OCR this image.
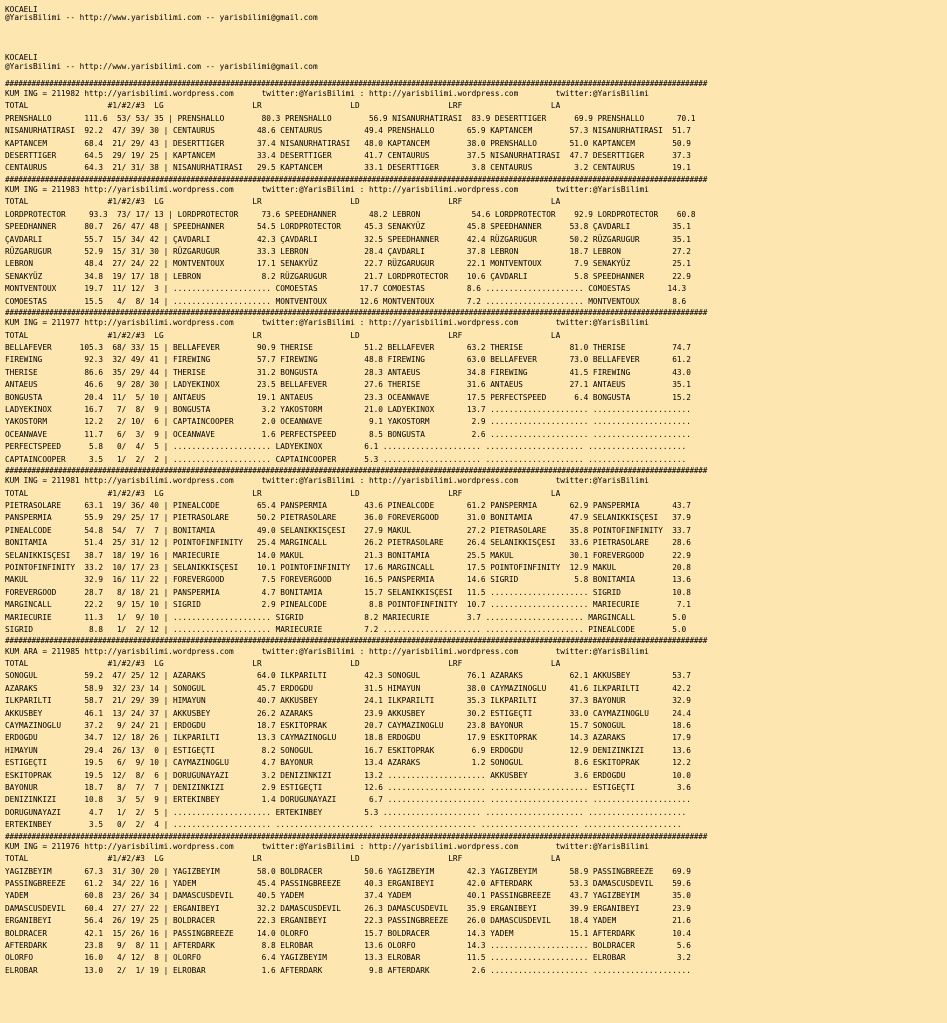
KOCAELI
@YarisBilimi -- http://www.yarisbilimi.com -- yarisbilimi@gmail.com
KOCAELI
@YarisBilimi -- http://www.yarisbilimi.com -- yarisbilimi@gmail.com
###############################################################################################################################################################
KUM ING = 211982 http://yarisbilimi.wordpress.com      twitter:@YarisBilimi : http://yarisbilimi.wordpress.com        twitter:@YarisBilimi
TOTAL                 #1/#2/#3  LG                   LR                   LD                   LRF                   LA
PRENSHALLO       111.6  53/ 53/ 35 | PRENSHALLO        80.3 PRENSHALLO        56.9 NISANURHATIRASI  83.9 DESERTTIGER      69.9 PRENSHALLO       70.1
NISANURHATIRASI  92.2  47/ 39/ 30 | CENTAURUS         48.6 CENTAURUS         49.4 PRENSHALLO       65.9 KAPTANCEM        57.3 NISANURHATIRASI  51.7
KAPTANCEM        68.4  21/ 29/ 43 | DESERTTIGER       37.4 NISANURHATIRASI   48.0 KAPTANCEM        38.0 PRENSHALLO       51.0 KAPTANCEM        50.9
DESERTTIGER      64.5  29/ 19/ 25 | KAPTANCEM         33.4 DESERTTIGER       41.7 CENTAURUS        37.5 NISANURHATIRASI  47.7 DESERTTIGER      37.3
CENTAURUS        64.3  21/ 31/ 38 | NISANURHATIRASI   29.5 KAPTANCEM         33.1 DESERTTIGER       3.8 CENTAURUS         3.2 CENTAURUS        19.1
###############################################################################################################################################################
KUM ING = 211983 http://yarisbilimi.wordpress.com      twitter:@YarisBilimi : http://yarisbilimi.wordpress.com        twitter:@YarisBilimi
TOTAL                 #1/#2/#3  LG                   LR                   LD                   LRF                   LA
LORDPROTECTOR     93.3  73/ 17/ 13 | LORDPROTECTOR     73.6 SPEEDHANNER       48.2 LEBRON           54.6 LORDPROTECTOR    92.9 LORDPROTECTOR    60.8
SPEEDHANNER      80.7  26/ 47/ 48 | SPEEDHANNER       54.5 LORDPROTECTOR     45.3 SENAKYÜZ         45.8 SPEEDHANNER      53.8 ÇAVDARLI         35.1
ÇAVDARLI         55.7  15/ 34/ 42 | ÇAVDARLI          42.3 ÇAVDARLI          32.5 SPEEDHANNER      42.4 RÜZGARUGUR       50.2 RÜZGARUGUR       35.1
RÜZGARUGUR       52.9  15/ 31/ 30 | RÜZGARUGUR        33.3 LEBRON            28.4 ÇAVDARLI         37.8 LEBRON           18.7 LEBRON           27.2
LEBRON           48.4  27/ 24/ 22 | MONTVENTOUX       17.1 SENAKYÜZ          22.7 RÜZGARUGUR       22.1 MONTVENTOUX       7.9 SENAKYÜZ         25.1
SENAKYÜZ         34.8  19/ 17/ 18 | LEBRON             8.2 RÜZGARUGUR        21.7 LORDPROTECTOR    10.6 ÇAVDARLI          5.8 SPEEDHANNER      22.9
MONTVENTOUX      19.7  11/ 12/  3 | ..................... COMOESTAS         17.7 COMOESTAS         8.6 ..................... COMOESTAS        14.3
COMOESTAS        15.5   4/  8/ 14 | ..................... MONTVENTOUX       12.6 MONTVENTOUX       7.2 ..................... MONTVENTOUX       8.6
###############################################################################################################################################################
KUM ING = 211977 http://yarisbilimi.wordpress.com      twitter:@YarisBilimi : http://yarisbilimi.wordpress.com        twitter:@YarisBilimi
TOTAL                 #1/#2/#3  LG                   LR                   LD                   LRF                   LA
BELLAFEVER      105.3  68/ 33/ 15 | BELLAFEVER        90.9 THERISE           51.2 BELLAFEVER       63.2 THERISE          81.0 THERISE          74.7
FIREWING         92.3  32/ 49/ 41 | FIREWING          57.7 FIREWING          48.8 FIREWING         63.0 BELLAFEVER       73.0 BELLAFEVER       61.2
THERISE          86.6  35/ 29/ 44 | THERISE           31.2 BONGUSTA          28.3 ANTAEUS          34.8 FIREWING         41.5 FIREWING         43.0
ANTAEUS          46.6   9/ 28/ 30 | LADYEKINOX        23.5 BELLAFEVER        27.6 THERISE          31.6 ANTAEUS          27.1 ANTAEUS          35.1
BONGUSTA         20.4  11/  5/ 10 | ANTAEUS           19.1 ANTAEUS           23.3 OCEANWAVE        17.5 PERFECTSPEED      6.4 BONGUSTA         15.2
LADYEKINOX       16.7   7/  8/  9 | BONGUSTA           3.2 YAKOSTORM         21.0 LADYEKINOX       13.7 ..................... .....................
YAKOSTORM        12.2   2/ 10/  6 | CAPTAINCOOPER      2.0 OCEANWAVE          9.1 YAKOSTORM         2.9 ..................... .....................
OCEANWAVE        11.7   6/  3/  9 | OCEANWAVE          1.6 PERFECTSPEED       8.5 BONGUSTA          2.6 ..................... .....................
PERFECTSPEED      5.8   0/  4/  5 | ..................... LADYEKINOX         6.1 ..................... ..................... .....................
CAPTAINCOOPER     3.5   1/  2/  2 | ..................... CAPTAINCOOPER      5.3 ..................... ..................... .....................
###############################################################################################################################################################
KUM ING = 211981 http://yarisbilimi.wordpress.com      twitter:@YarisBilimi : http://yarisbilimi.wordpress.com        twitter:@YarisBilimi
TOTAL                 #1/#2/#3  LG                   LR                   LD                   LRF                   LA
PIETRASOLARE     63.1  19/ 36/ 40 | PINEALCODE        65.4 PANSPERMIA        43.6 PINEALCODE       61.2 PANSPERMIA       62.9 PANSPERMIA       43.7
PANSPERMIA       55.9  29/ 25/ 17 | PIETRASOLARE      50.2 PIETRASOLARE      36.0 FOREVERGOOD      31.0 BONITAMIA        47.9 SELANIKKISÇESI   37.9
PINEALCODE       54.8  54/  7/  7 | BONITAMIA         49.0 SELANIKKISÇESI    27.9 MAKUL            27.2 PIETRASOLARE     35.8 POINTOFINFINITY  33.7
BONITAMIA        51.4  25/ 31/ 12 | POINTOFINFINITY   25.4 MARGINCALL        26.2 PIETRASOLARE     26.4 SELANIKKISÇESI   33.6 PIETRASOLARE     28.6
SELANIKKISÇESI   38.7  18/ 19/ 16 | MARIECURIE        14.0 MAKUL             21.3 BONITAMIA        25.5 MAKUL            30.1 FOREVERGOOD      22.9
POINTOFINFINITY  33.2  10/ 17/ 23 | SELANIKKISÇESI    10.1 POINTOFINFINITY   17.6 MARGINCALL       17.5 POINTOFINFINITY  12.9 MAKUL            20.8
MAKUL            32.9  16/ 11/ 22 | FOREVERGOOD        7.5 FOREVERGOOD       16.5 PANSPERMIA       14.6 SIGRID            5.8 BONITAMIA        13.6
FOREVERGOOD      28.7   8/ 18/ 21 | PANSPERMIA         4.7 BONITAMIA         15.7 SELANIKKISÇESI   11.5 ..................... SIGRID           10.8
MARGINCALL       22.2   9/ 15/ 10 | SIGRID             2.9 PINEALCODE         8.8 POINTOFINFINITY  10.7 ..................... MARIECURIE        7.1
MARIECURIE       11.3   1/  9/ 10 | ..................... SIGRID             8.2 MARIECURIE        3.7 ..................... MARGINCALL        5.0
SIGRID            8.8   1/  2/ 12 | ..................... MARIECURIE         7.2 ..................... ..................... PINEALCODE        5.0
###############################################################################################################################################################
KUM ARA = 211985 http://yarisbilimi.wordpress.com      twitter:@YarisBilimi : http://yarisbilimi.wordpress.com        twitter:@YarisBilimi
TOTAL                 #1/#2/#3  LG                   LR                   LD                   LRF                   LA
SONOGUL          59.2  47/ 25/ 12 | AZARAKS           64.0 ILKPARILTI        42.3 SONOGUL          76.1 AZARAKS          62.1 AKKUSBEY         53.7
AZARAKS          58.9  32/ 23/ 14 | SONOGUL           45.7 ERDOGDU           31.5 HIMAYUN          38.0 CAYMAZINOGLU     41.6 ILKPARILTI       42.2
ILKPARILTI       58.7  21/ 29/ 39 | HIMAYUN           40.7 AKKUSBEY          24.1 ILKPARILTI       35.3 ILKPARILTI       37.3 BAYONUR          32.9
AKKUSBEY         46.1  13/ 24/ 37 | AKKUSBEY          26.2 AZARAKS           23.9 AKKUSBEY         30.2 ESTIGEÇTI        33.0 CAYMAZINOGLU     24.4
CAYMAZINOGLU     37.2   9/ 24/ 21 | ERDOGDU           18.7 ESKITOPRAK        20.7 CAYMAZINOGLU     23.8 BAYONUR          15.7 SONOGUL          18.6
ERDOGDU          34.7  12/ 18/ 26 | ILKPARILTI        13.3 CAYMAZINOGLU      18.8 ERDOGDU          17.9 ESKITOPRAK       14.3 AZARAKS          17.9
HIMAYUN          29.4  26/ 13/  0 | ESTIGEÇTI          8.2 SONOGUL           16.7 ESKITOPRAK        6.9 ERDOGDU          12.9 DENIZINKIZI      13.6
ESTIGEÇTI        19.5   6/  9/ 10 | CAYMAZINOGLU       4.7 BAYONUR           13.4 AZARAKS           1.2 SONOGUL           8.6 ESKITOPRAK       12.2
ESKITOPRAK       19.5  12/  8/  6 | DORUGUNAYAZI       3.2 DENIZINKIZI       13.2 ..................... AKKUSBEY          3.6 ERDOGDU          10.0
BAYONUR          18.7   8/  7/  7 | DENIZINKIZI        2.9 ESTIGEÇTI         12.6 ..................... ..................... ESTIGEÇTI         3.6
DENIZINKIZI      10.8   3/  5/  9 | ERTEKINBEY         1.4 DORUGUNAYAZI       6.7 ..................... ..................... .....................
DORUGUNAYAZI      4.7   1/  2/  5 | ..................... ERTEKINBEY         5.3 ..................... ..................... .....................
ERTEKINBEY        3.5   0/  2/  4 | ..................... ..................... ..................... ..................... .....................
###############################################################################################################################################################
KUM ING = 211976 http://yarisbilimi.wordpress.com      twitter:@YarisBilimi : http://yarisbilimi.wordpress.com        twitter:@YarisBilimi
TOTAL                 #1/#2/#3  LG                   LR                   LD                   LRF                   LA
YAGIZBEYIM       67.3  31/ 30/ 20 | YAGIZBEYIM        58.0 BOLDRACER         50.6 YAGIZBEYIM       42.3 YAGIZBEYIM       58.9 PASSINGBREEZE    69.9
PASSINGBREEZE    61.2  34/ 22/ 16 | YADEM             45.4 PASSINGBREEZE     40.3 ERGANIBEYI       42.0 AFTERDARK        53.3 DAMASCUSDEVIL    59.6
YADEM            60.8  23/ 26/ 34 | DAMASCUSDEVIL     40.5 YADEM             37.4 YADEM            40.1 PASSINGBREEZE    43.7 YAGIZBEYIM       35.0
DAMASCUSDEVIL    60.4  27/ 27/ 22 | ERGANIBEYI        32.2 DAMASCUSDEVIL     26.3 DAMASCUSDEVIL    35.9 ERGANIBEYI       39.9 ERGANIBEYI       23.9
ERGANIBEYI       56.4  26/ 19/ 25 | BOLDRACER         22.3 ERGANIBEYI        22.3 PASSINGBREEZE    26.0 DAMASCUSDEVIL    18.4 YADEM            21.6
BOLDRACER        42.1  15/ 26/ 16 | PASSINGBREEZE     14.0 OLORFO            15.7 BOLDRACER        14.3 YADEM            15.1 AFTERDARK        10.4
AFTERDARK        23.8   9/  8/ 11 | AFTERDARK          8.8 ELROBAR           13.6 OLORFO           14.3 ..................... BOLDRACER         5.6
OLORFO           16.0   4/ 12/  8 | OLORFO             6.4 YAGIZBEYIM        13.3 ELROBAR          11.5 ..................... ELROBAR           3.2
ELROBAR          13.0   2/  1/ 19 | ELROBAR            1.6 AFTERDARK          9.8 AFTERDARK         2.6 ..................... .....................
